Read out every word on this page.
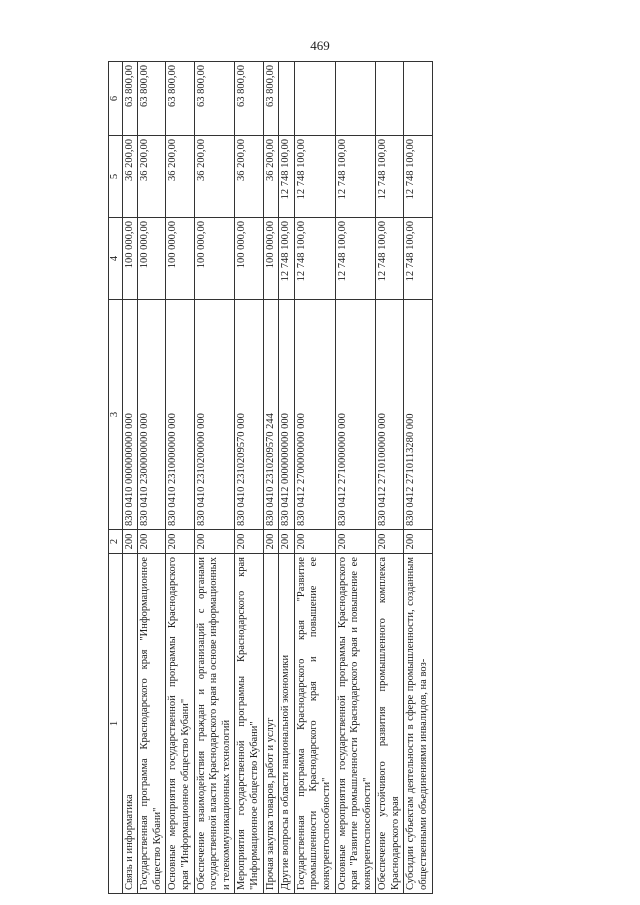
469
1	2	3	4	5	6
Связь и информатика	200	830 0410 0000000000 000	100 000,00	36 200,00	63 800,00
Государственная программа Краснодарского края "Информационное общество Кубани"	200	830 0410 2300000000 000	100 000,00	36 200,00	63 800,00
Основные мероприятия государственной программы Краснодарского края "Информационное общество Кубани"	200	830 0410 2310000000 000	100 000,00	36 200,00	63 800,00
Обеспечение взаимодействия граждан и организаций с органами государственной власти Краснодарского края на основе информационных и телекоммуникационных технологий	200	830 0410 2310200000 000	100 000,00	36 200,00	63 800,00
Мероприятия государственной программы Краснодарского края "Информационное общество Кубани"	200	830 0410 2310209570 000	100 000,00	36 200,00	63 800,00
Прочая закупка товаров, работ и услуг	200	830 0410 2310209570 244	100 000,00	36 200,00	63 800,00
Другие вопросы в области национальной экономики	200	830 0412 0000000000 000	12 748 100,00	12 748 100,00	
Государственная программа Краснодарского края "Развитие промышленности Краснодарского края и повышение ее конкурентоспособности"	200	830 0412 2700000000 000	12 748 100,00	12 748 100,00	
Основные мероприятия государственной программы Краснодарского края "Развитие промышленности Краснодарского края и повышение ее конкурентоспособности"	200	830 0412 2710000000 000	12 748 100,00	12 748 100,00	
Обеспечение устойчивого развития промышленного комплекса Краснодарского края	200	830 0412 2710100000 000	12 748 100,00	12 748 100,00	
Субсидии субъектам деятельности в сфере промышленности, созданным общественными объединениями инвалидов, на воз-	200	830 0412 2710113280 000	12 748 100,00	12 748 100,00	
